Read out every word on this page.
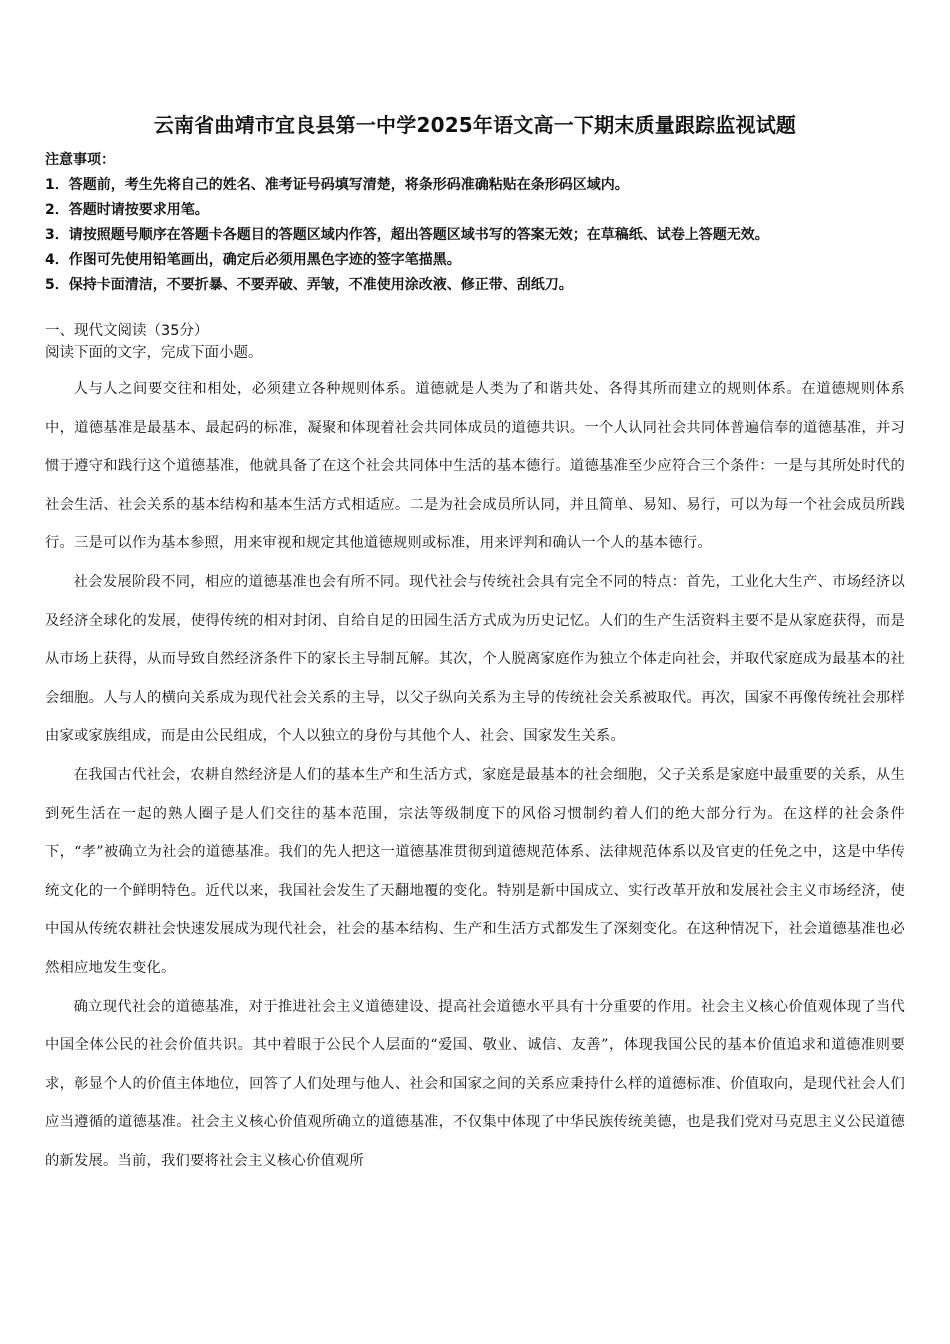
云南省曲靖市宜良县第一中学2025年语文高一下期末质量跟踪监视试题
注意事项：
1．答题前，考生先将自己的姓名、准考证号码填写清楚，将条形码准确粘贴在条形码区域内。
2．答题时请按要求用笔。
3．请按照题号顺序在答题卡各题目的答题区域内作答，超出答题区域书写的答案无效；在草稿纸、试卷上答题无效。
4．作图可先使用铅笔画出，确定后必须用黑色字迹的签字笔描黑。
5．保持卡面清洁，不要折暴、不要弄破、弄皱，不准使用涂改液、修正带、刮纸刀。
一、现代文阅读（35分）
阅读下面的文字，完成下面小题。

人与人之间要交往和相处，必须建立各种规则体系。道德就是人类为了和谐共处、各得其所而建立的规则体系。在道德规则体系中，道德基准是最基本、最起码的标准，凝聚和体现着社会共同体成员的道德共识。一个人认同社会共同体普遍信奉的道德基准，并习惯于遵守和践行这个道德基准，他就具备了在这个社会共同体中生活的基本德行。道德基准至少应符合三个条件：一是与其所处时代的社会生活、社会关系的基本结构和基本生活方式相适应。二是为社会成员所认同，并且简单、易知、易行，可以为每一个社会成员所践行。三是可以作为基本参照，用来审视和规定其他道德规则或标准，用来评判和确认一个人的基本德行。

社会发展阶段不同，相应的道德基准也会有所不同。现代社会与传统社会具有完全不同的特点：首先，工业化大生产、市场经济以及经济全球化的发展，使得传统的相对封闭、自给自足的田园生活方式成为历史记忆。人们的生产生活资料主要不是从家庭获得，而是从市场上获得，从而导致自然经济条件下的家长主导制瓦解。其次，个人脱离家庭作为独立个体走向社会，并取代家庭成为最基本的社会细胞。人与人的横向关系成为现代社会关系的主导，以父子纵向关系为主导的传统社会关系被取代。再次，国家不再像传统社会那样由家或家族组成，而是由公民组成，个人以独立的身份与其他个人、社会、国家发生关系。

在我国古代社会，农耕自然经济是人们的基本生产和生活方式，家庭是最基本的社会细胞，父子关系是家庭中最重要的关系，从生到死生活在一起的熟人圈子是人们交往的基本范围，宗法等级制度下的风俗习惯制约着人们的绝大部分行为。在这样的社会条件下，“孝”被确立为社会的道德基准。我们的先人把这一道德基准贯彻到道德规范体系、法律规范体系以及官吏的任免之中，这是中华传统文化的一个鲜明特色。近代以来，我国社会发生了天翻地覆的变化。特别是新中国成立、实行改革开放和发展社会主义市场经济，使中国从传统农耕社会快速发展成为现代社会，社会的基本结构、生产和生活方式都发生了深刻变化。在这种情况下，社会道德基准也必然相应地发生变化。

确立现代社会的道德基准，对于推进社会主义道德建设、提高社会道德水平具有十分重要的作用。社会主义核心价值观体现了当代中国全体公民的社会价值共识。其中着眼于公民个人层面的“爱国、敬业、诚信、友善”，体现我国公民的基本价值追求和道德准则要求，彰显个人的价值主体地位，回答了人们处理与他人、社会和国家之间的关系应秉持什么样的道德标准、价值取向，是现代社会人们应当遵循的道德基准。社会主义核心价值观所确立的道德基准，不仅集中体现了中华民族传统美德，也是我们党对马克思主义公民道德的新发展。当前，我们要将社会主义核心价值观所
